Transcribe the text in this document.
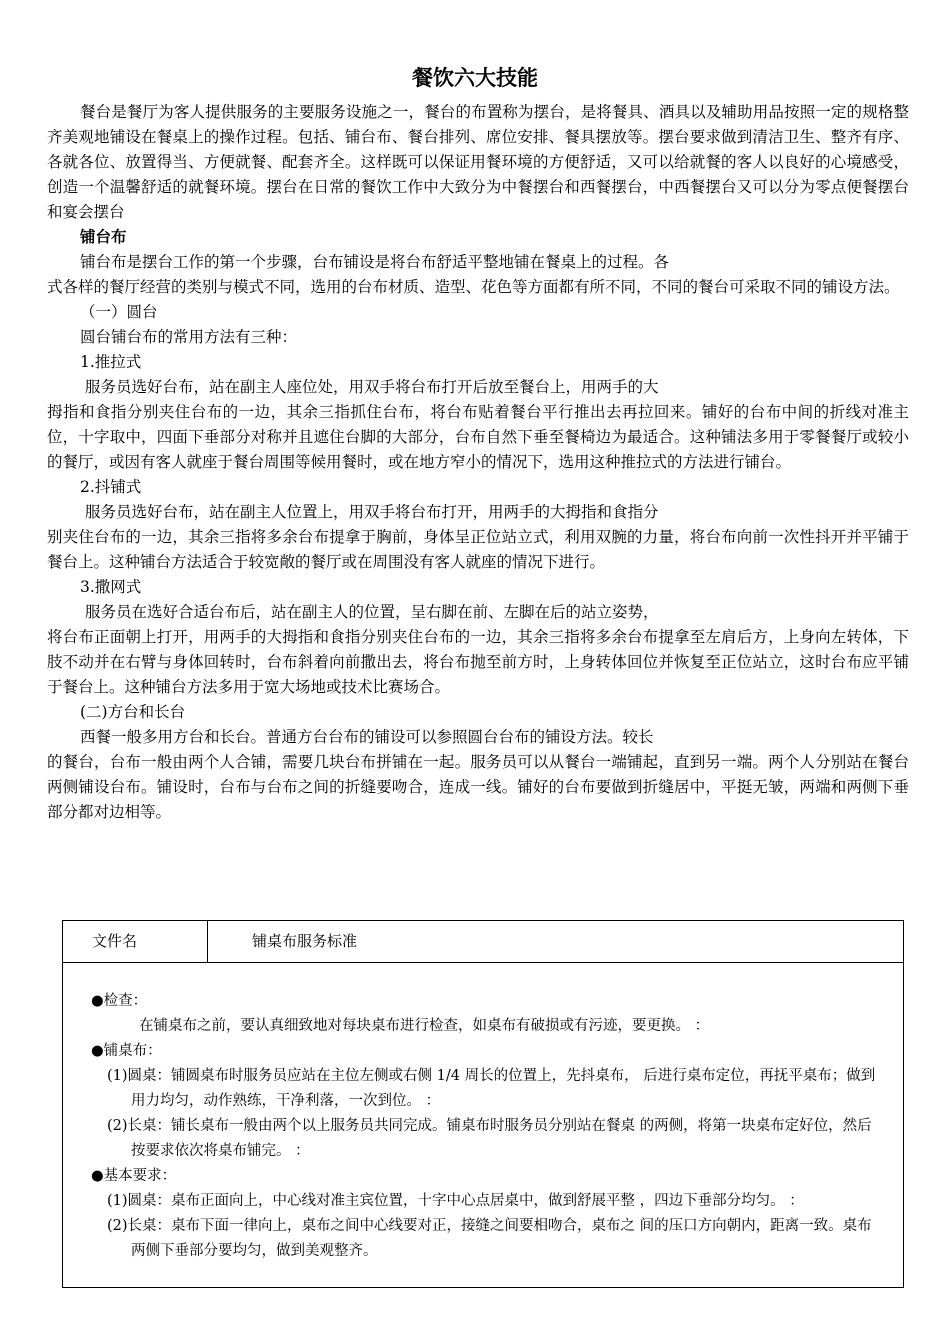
餐饮六大技能

餐台是餐厅为客人提供服务的主要服务设施之一，餐台的布置称为摆台，是将餐具、酒具以及辅助用品按照一定的规格整齐美观地铺设在餐桌上的操作过程。包括、铺台布、餐台排列、席位安排、餐具摆放等。摆台要求做到清洁卫生、整齐有序、各就各位、放置得当、方便就餐、配套齐全。这样既可以保证用餐环境的方便舒适，又可以给就餐的客人以良好的心境感受，创造一个温馨舒适的就餐环境。摆台在日常的餐饮工作中大致分为中餐摆台和西餐摆台，中西餐摆台又可以分为零点便餐摆台和宴会摆台

铺台布

铺台布是摆台工作的第一个步骤，台布铺设是将台布舒适平整地铺在餐桌上的过程。各

式各样的餐厅经营的类别与模式不同，选用的台布材质、造型、花色等方面都有所不同，不同的餐台可采取不同的铺设方法。

（一）圆台

圆台铺台布的常用方法有三种：

1.推拉式

服务员选好台布，站在副主人座位处，用双手将台布打开后放至餐台上，用两手的大

拇指和食指分别夹住台布的一边，其余三指抓住台布，将台布贴着餐台平行推出去再拉回来。铺好的台布中间的折线对准主位，十字取中，四面下垂部分对称并且遮住台脚的大部分，台布自然下垂至餐椅边为最适合。这种铺法多用于零餐餐厅或较小的餐厅，或因有客人就座于餐台周围等候用餐时，或在地方窄小的情况下，选用这种推拉式的方法进行铺台。

2.抖铺式

服务员选好台布，站在副主人位置上，用双手将台布打开，用两手的大拇指和食指分

别夹住台布的一边，其余三指将多余台布提拿于胸前，身体呈正位站立式，利用双腕的力量，将台布向前一次性抖开并平铺于餐台上。这种铺台方法适合于较宽敞的餐厅或在周围没有客人就座的情况下进行。

3.撒网式

服务员在选好合适台布后，站在副主人的位置，呈右脚在前、左脚在后的站立姿势，

将台布正面朝上打开，用两手的大拇指和食指分别夹住台布的一边，其余三指将多余台布提拿至左肩后方，上身向左转体，下肢不动并在右臂与身体回转时，台布斜着向前撒出去，将台布抛至前方时，上身转体回位并恢复至正位站立，这时台布应平铺于餐台上。这种铺台方法多用于宽大场地或技术比赛场合。

(二)方台和长台

西餐一般多用方台和长台。普通方台台布的铺设可以参照圆台台布的铺设方法。较长

的餐台，台布一般由两个人合铺，需要几块台布拼铺在一起。服务员可以从餐台一端铺起，直到另一端。两个人分别站在餐台两侧铺设台布。铺设时，台布与台布之间的折缝要吻合，连成一线。铺好的台布要做到折缝居中，平挺无皱，两端和两侧下垂部分都对边相等。

文件名	铺桌布服务标准

●检查：

在铺桌布之前，要认真细致地对每块桌布进行检查，如桌布有破损或有污迹，要更换。 ：

●铺桌布：

(1)圆桌：铺圆桌布时服务员应站在主位左侧或右侧 1/4 周长的位置上，先抖桌布， 后进行桌布定位，再抚平桌布；做到用力均匀，动作熟练，干净利落，一次到位。 ：

(2)长桌：铺长桌布一般由两个以上服务员共同完成。铺桌布时服务员分别站在餐桌 的两侧，将第一块桌布定好位，然后按要求依次将桌布铺完。 ：

●基本要求：

(1)圆桌：桌布正面向上，中心线对准主宾位置，十字中心点居桌中，做到舒展平整 ，四边下垂部分均匀。 ：

(2)长桌：桌布下面一律向上，桌布之间中心线要对正，接缝之间要相吻合，桌布之 间的压口方向朝内，距离一致。桌布两侧下垂部分要均匀，做到美观整齐。
